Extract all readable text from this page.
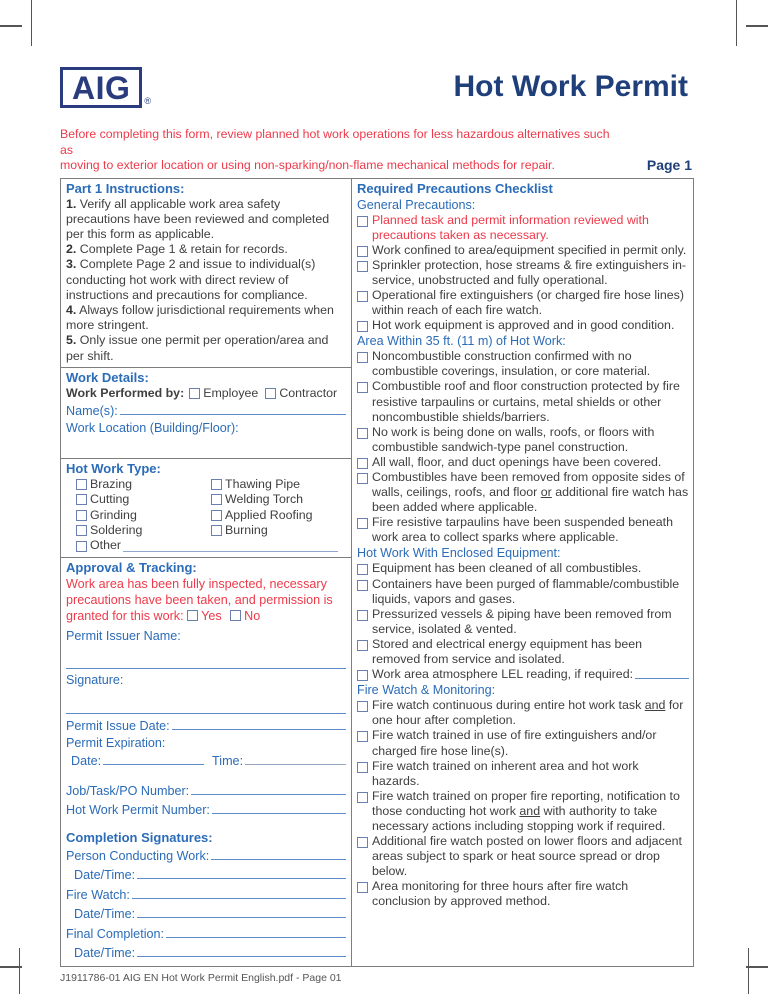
AIG ®	Hot Work Permit
Before completing this form, review planned hot work operations for less hazardous alternatives such as
moving to exterior location or using non-sparking/non-flame mechanical methods for repair.	Page 1
Part 1 Instructions:
1. Verify all applicable work area safety precautions have been reviewed and completed per this form as applicable.
2. Complete Page 1 & retain for records.
3. Complete Page 2 and issue to individual(s) conducting hot work with direct review of instructions and precautions for compliance.
4. Always follow jurisdictional requirements when more stringent.
5. Only issue one permit per operation/area and per shift.
Work Details:
Work Performed by: Employee Contractor
Name(s):
Work Location (Building/Floor):
Hot Work Type:
Brazing	Thawing Pipe
Cutting	Welding Torch
Grinding	Applied Roofing
Soldering	Burning
Other
Approval & Tracking:
Work area has been fully inspected, necessary precautions have been taken, and permission is granted for this work: Yes No
Permit Issuer Name:
Signature:
Permit Issue Date:
Permit Expiration:
Date:	Time:
Job/Task/PO Number:
Hot Work Permit Number:
Completion Signatures:
Person Conducting Work:
Date/Time:
Fire Watch:
Date/Time:
Final Completion:
Date/Time:
Required Precautions Checklist
General Precautions:
Planned task and permit information reviewed with precautions taken as necessary.
Work confined to area/equipment specified in permit only.
Sprinkler protection, hose streams & fire extinguishers in-service, unobstructed and fully operational.
Operational fire extinguishers (or charged fire hose lines) within reach of each fire watch.
Hot work equipment is approved and in good condition.
Area Within 35 ft. (11 m) of Hot Work:
Noncombustible construction confirmed with no combustible coverings, insulation, or core material.
Combustible roof and floor construction protected by fire resistive tarpaulins or curtains, metal shields or other noncombustible shields/barriers.
No work is being done on walls, roofs, or floors with combustible sandwich-type panel construction.
All wall, floor, and duct openings have been covered.
Combustibles have been removed from opposite sides of walls, ceilings, roofs, and floor or additional fire watch has been added where applicable.
Fire resistive tarpaulins have been suspended beneath work area to collect sparks where applicable.
Hot Work With Enclosed Equipment:
Equipment has been cleaned of all combustibles.
Containers have been purged of flammable/combustible liquids, vapors and gases.
Pressurized vessels & piping have been removed from service, isolated & vented.
Stored and electrical energy equipment has been removed from service and isolated.
Work area atmosphere LEL reading, if required:
Fire Watch & Monitoring:
Fire watch continuous during entire hot work task and for one hour after completion.
Fire watch trained in use of fire extinguishers and/or charged fire hose line(s).
Fire watch trained on inherent area and hot work hazards.
Fire watch trained on proper fire reporting, notification to those conducting hot work and with authority to take necessary actions including stopping work if required.
Additional fire watch posted on lower floors and adjacent areas subject to spark or heat source spread or drop below.
Area monitoring for three hours after fire watch conclusion by approved method.
J1911786-01 AIG EN Hot Work Permit English.pdf - Page 01
